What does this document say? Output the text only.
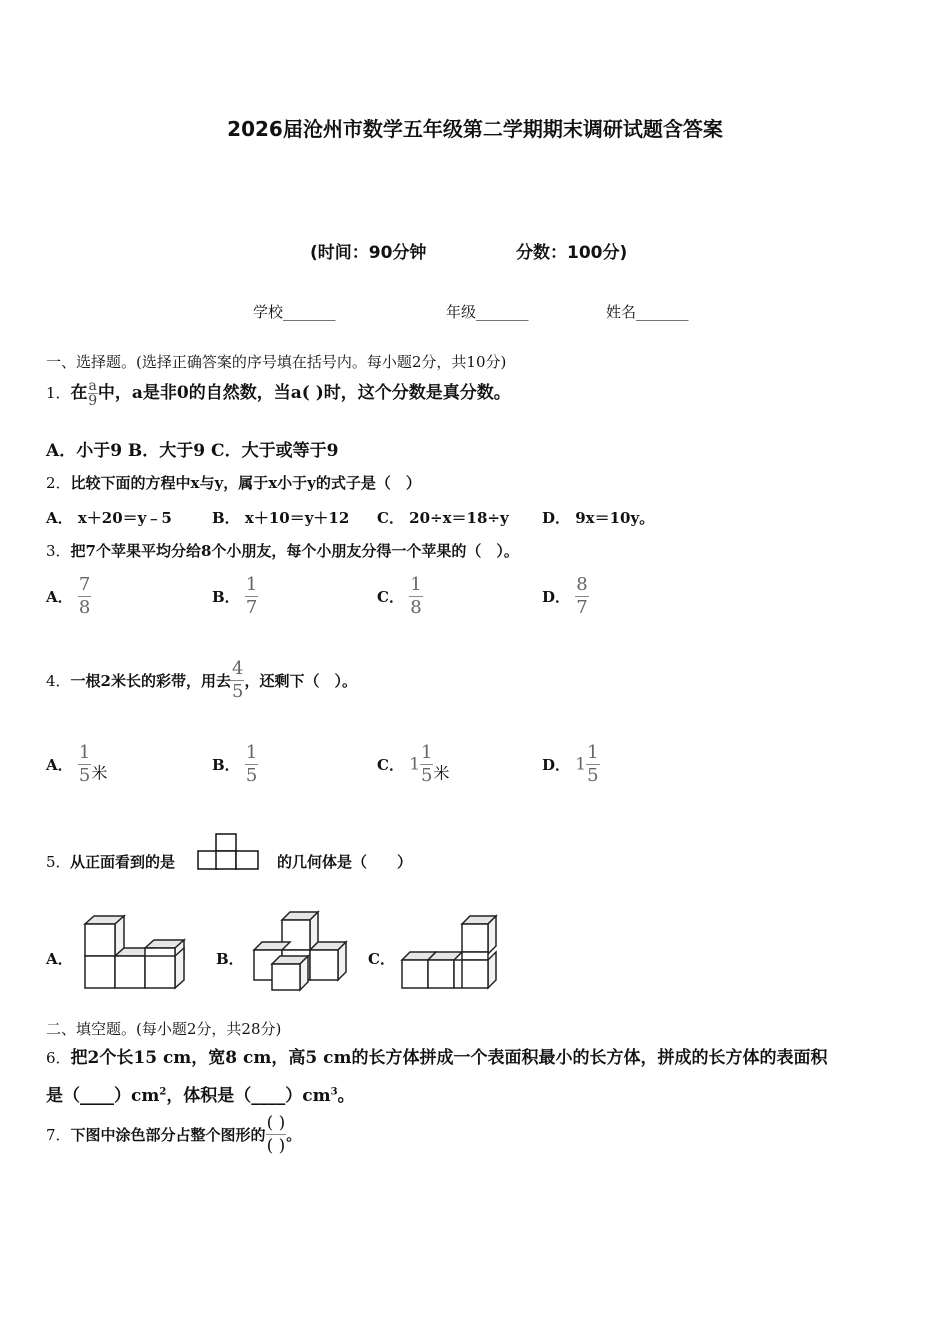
2026届沧州市数学五年级第二学期期末调研试题含答案
(时间：90分钟	分数：100分)
学校_______	年级_______	姓名_______
一、选择题。(选择正确答案的序号填在括号内。每小题2分，共10分)
1．在 $\frac{a}{9}$ 中，a是非0的自然数，当a( )时，这个分数是真分数。
A．小于9 B．大于9 C．大于或等于9
2．比较下面的方程中x与y，属于x小于y的式子是（　）
A． x＋20＝y﹣5	B． x＋10＝y＋12 C． 20÷x＝18÷y D． 9x＝10y。
3．把7个苹果平均分给8个小朋友，每个小朋友分得一个苹果的（　）。
A． $\frac{7}{8}$	B． $\frac{1}{7}$	C． $\frac{1}{8}$	D． $\frac{8}{7}$
4．一根2米长的彩带，用去 $\frac{4}{5}$ ，还剩下（　）。
A． $\frac{1}{5}$ 米	B． $\frac{1}{5}$	C． $1 \frac{1}{5}$ 米	D． $1 \frac{1}{5}$
5． 从正面看到的是	的几何体是（　　）
A．	B．	C．
二、填空题。(每小题2分，共28分)
6．把2个长15 cm，宽8 cm，高5 cm的长方体拼成一个表面积最小的长方体，拼成的长方体的表面积
是$(\_\_\_\_)cm^2$，体积是$(\_\_\_\_)cm^3$。
7．下图中涂色部分占整个图形的 $\frac{( )}{( )}$ 。
